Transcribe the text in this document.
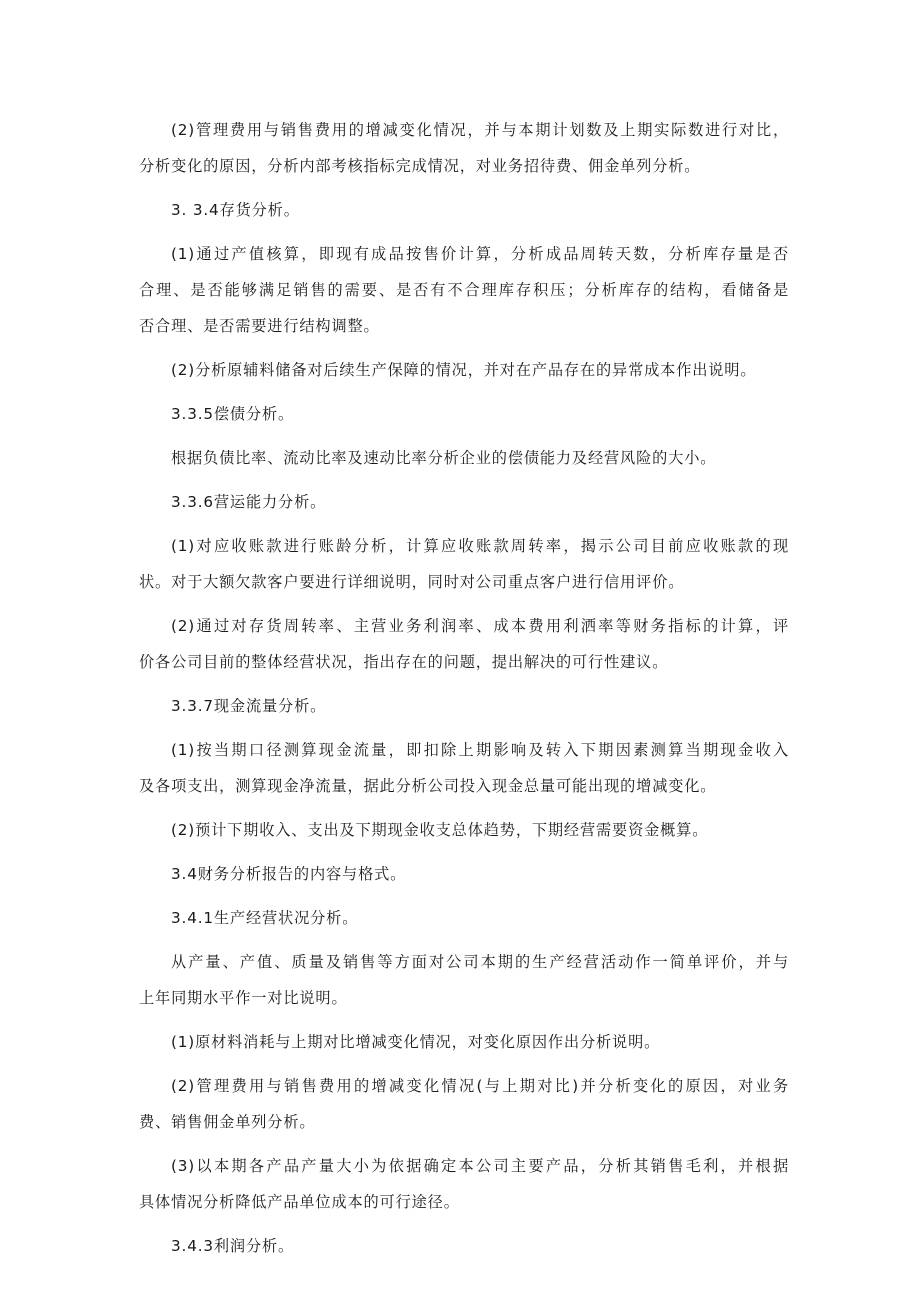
(2)管理费用与销售费用的增减变化情况，并与本期计划数及上期实际数进行对比，

分析变化的原因，分析内部考核指标完成情况，对业务招待费、佣金单列分析。

3. 3.4存货分析。

(1)通过产值核算，即现有成品按售价计算，分析成品周转天数，分析库存量是否

合理、是否能够满足销售的需要、是否有不合理库存积压；分析库存的结构，看储备是

否合理、是否需要进行结构调整。

(2)分析原辅料储备对后续生产保障的情况，并对在产品存在的异常成本作出说明。

3.3.5偿债分析。

根据负债比率、流动比率及速动比率分析企业的偿债能力及经营风险的大小。

3.3.6营运能力分析。

(1)对应收账款进行账龄分析，计算应收账款周转率，揭示公司目前应收账款的现

状。对于大额欠款客户要进行详细说明，同时对公司重点客户进行信用评价。

(2)通过对存货周转率、主营业务利润率、成本费用利洒率等财务指标的计算，评

价各公司目前的整体经营状况，指出存在的问题，提出解决的可行性建议。

3.3.7现金流量分析。

(1)按当期口径测算现金流量，即扣除上期影响及转入下期因素测算当期现金收入

及各项支出，测算现金净流量，据此分析公司投入现金总量可能出现的增减变化。

(2)预计下期收入、支出及下期现金收支总体趋势，下期经营需要资金概算。

3.4财务分析报告的内容与格式。

3.4.1生产经营状况分析。

从产量、产值、质量及销售等方面对公司本期的生产经营活动作一简单评价，并与

上年同期水平作一对比说明。

(1)原材料消耗与上期对比增减变化情况，对变化原因作出分析说明。

(2)管理费用与销售费用的增减变化情况(与上期对比)并分析变化的原因，对业务

费、销售佣金单列分析。

(3)以本期各产品产量大小为依据确定本公司主要产品，分析其销售毛利，并根据

具体情况分析降低产品单位成本的可行途径。

3.4.3利润分析。
